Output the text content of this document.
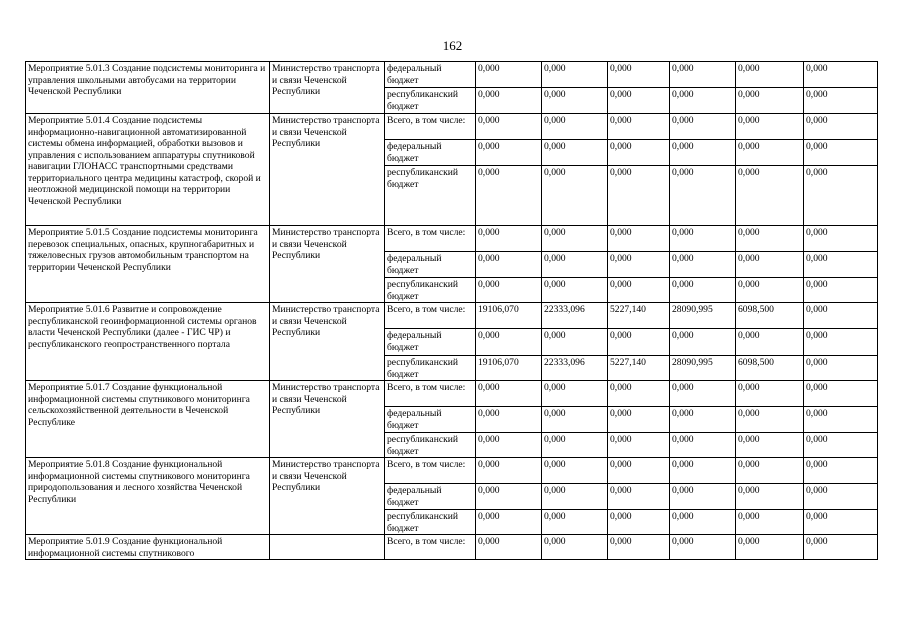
162
Мероприятие 5.01.3 Создание подсистемы мониторинга и управления школьными автобусами на территории Чеченской Республики	Министерство транспорта и связи Чеченской Республики	федеральный бюджет	0,000	0,000	0,000	0,000	0,000	0,000
		республиканский бюджет	0,000	0,000	0,000	0,000	0,000	0,000
Мероприятие 5.01.4 Создание подсистемы информационно-навигационной автоматизированной системы обмена информацией, обработки вызовов и управления с использованием аппаратуры спутниковой навигации ГЛОНАСС транспортными средствами территориального центра медицины катастроф, скорой и неотложной медицинской помощи на территории Чеченской Республики	Министерство транспорта и связи Чеченской Республики	Всего, в том числе:	0,000	0,000	0,000	0,000	0,000	0,000
		федеральный бюджет	0,000	0,000	0,000	0,000	0,000	0,000
		республиканский бюджет	0,000	0,000	0,000	0,000	0,000	0,000
Мероприятие 5.01.5 Создание подсистемы мониторинга перевозок специальных, опасных, крупногабаритных и тяжеловесных грузов автомобильным транспортом на территории Чеченской Республики	Министерство транспорта и связи Чеченской Республики	Всего, в том числе:	0,000	0,000	0,000	0,000	0,000	0,000
		федеральный бюджет	0,000	0,000	0,000	0,000	0,000	0,000
		республиканский бюджет	0,000	0,000	0,000	0,000	0,000	0,000
Мероприятие 5.01.6 Развитие и сопровождение республиканской геоинформационной системы органов власти Чеченской Республики (далее - ГИС ЧР) и республиканского геопространственного портала	Министерство транспорта и связи Чеченской Республики	Всего, в том числе:	19106,070	22333,096	5227,140	28090,995	6098,500	0,000
		федеральный бюджет	0,000	0,000	0,000	0,000	0,000	0,000
		республиканский бюджет	19106,070	22333,096	5227,140	28090,995	6098,500	0,000
Мероприятие 5.01.7 Создание функциональной информационной системы спутникового мониторинга сельскохозяйственной деятельности в Чеченской Республике	Министерство транспорта и связи Чеченской Республики	Всего, в том числе:	0,000	0,000	0,000	0,000	0,000	0,000
		федеральный бюджет	0,000	0,000	0,000	0,000	0,000	0,000
		республиканский бюджет	0,000	0,000	0,000	0,000	0,000	0,000
Мероприятие 5.01.8 Создание функциональной информационной системы спутникового мониторинга природопользования и лесного хозяйства Чеченской Республики	Министерство транспорта и связи Чеченской Республики	Всего, в том числе:	0,000	0,000	0,000	0,000	0,000	0,000
		федеральный бюджет	0,000	0,000	0,000	0,000	0,000	0,000
		республиканский бюджет	0,000	0,000	0,000	0,000	0,000	0,000
Мероприятие 5.01.9 Создание функциональной информационной системы спутникового		Всего, в том числе:	0,000	0,000	0,000	0,000	0,000	0,000
